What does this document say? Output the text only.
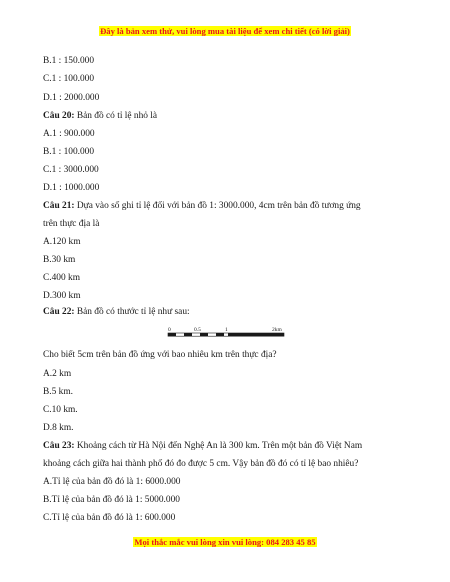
Đây là bản xem thử, vui lòng mua tài liệu để xem chi tiết (có lời giải)
B.1 : 150.000
C.1 : 100.000
D.1 : 2000.000
Câu 20: Bản đồ có tỉ lệ nhỏ là
A.1 : 900.000
B.1 : 100.000
C.1 : 3000.000
D.1 : 1000.000
Câu 21: Dựa vào số ghi tỉ lệ đối với bản đồ 1: 3000.000, 4cm trên bản đồ tương ứng
trên thực địa là
A.120 km
B.30 km
C.400 km
D.300 km
Câu 22: Bản đồ có thước tỉ lệ như sau:
0	0.5	1	2km
Cho biết 5cm trên bản đồ ứng với bao nhiêu km trên thực địa?
A.2 km
B.5 km.
C.10 km.
D.8 km.
Câu 23: Khoảng cách từ Hà Nội đến Nghệ An là 300 km. Trên một bản đồ Việt Nam
khoảng cách giữa hai thành phố đó đo được 5 cm. Vậy bản đồ đó có tỉ lệ bao nhiêu?
A.Tỉ lệ của bản đồ đó là 1: 6000.000
B.Tỉ lệ của bản đồ đó là 1: 5000.000
C.Tỉ lệ của bản đồ đó là 1: 600.000
Mọi thắc mắc vui lòng xin vui lòng: 084 283 45 85
